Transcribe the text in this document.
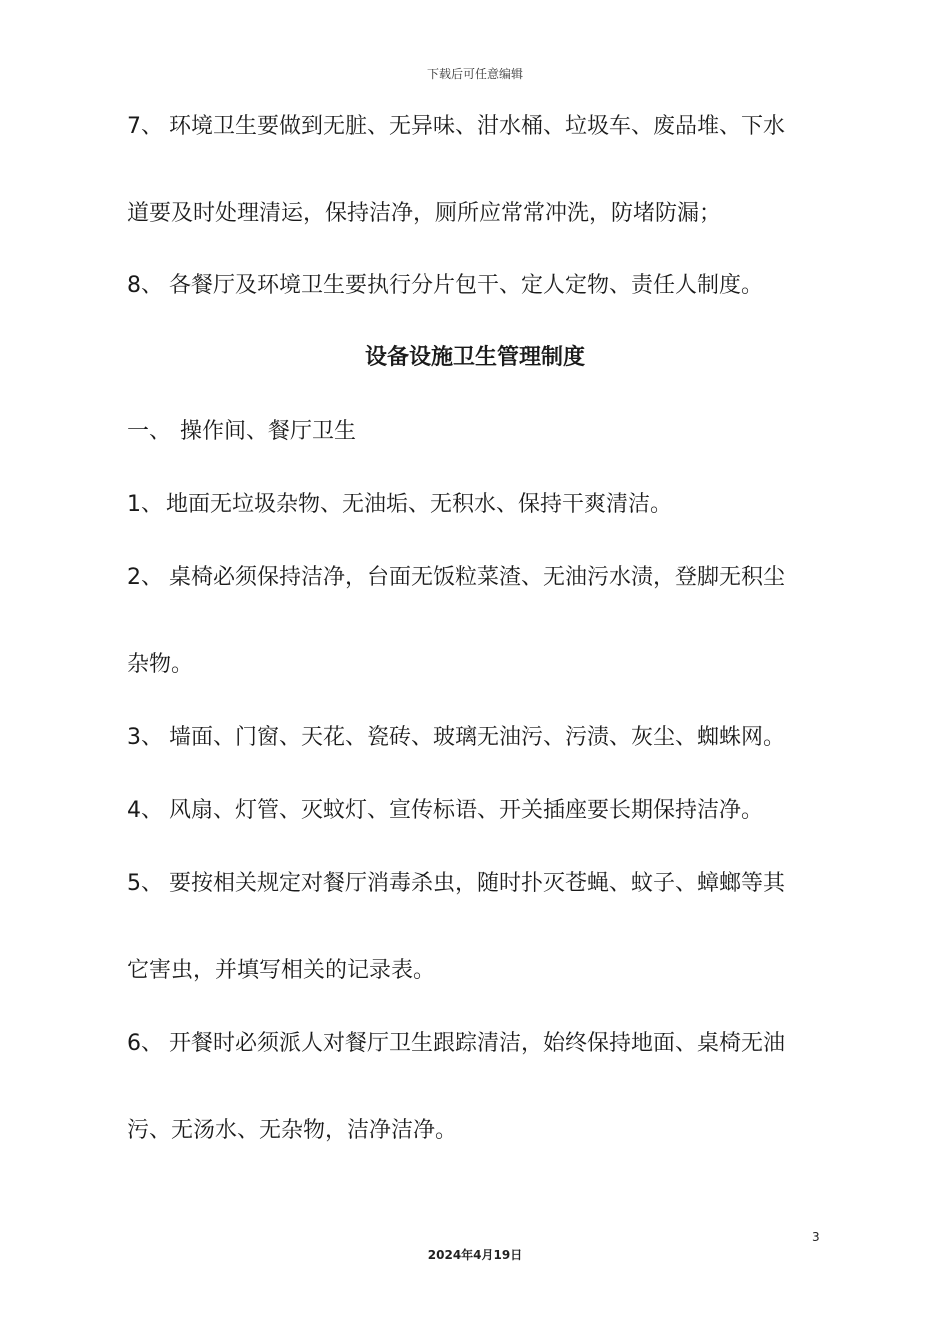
下载后可任意编辑
7、 环境卫生要做到无脏、无异味、泔水桶、垃圾车、废品堆、下水
道要及时处理清运，保持洁净，厕所应常常冲洗，防堵防漏；
8、 各餐厅及环境卫生要执行分片包干、定人定物、责任人制度。
设备设施卫生管理制度
一、 操作间、餐厅卫生
1、 地面无垃圾杂物、无油垢、无积水、保持干爽清洁。
2、 桌椅必须保持洁净，台面无饭粒菜渣、无油污水渍，登脚无积尘
杂物。
3、 墙面、门窗、天花、瓷砖、玻璃无油污、污渍、灰尘、蜘蛛网。
4、 风扇、灯管、灭蚊灯、宣传标语、开关插座要长期保持洁净。
5、 要按相关规定对餐厅消毒杀虫，随时扑灭苍蝇、蚊子、蟑螂等其
它害虫，并填写相关的记录表。
6、 开餐时必须派人对餐厅卫生跟踪清洁，始终保持地面、桌椅无油
污、无汤水、无杂物，洁净洁净。
3
2024年4月19日
